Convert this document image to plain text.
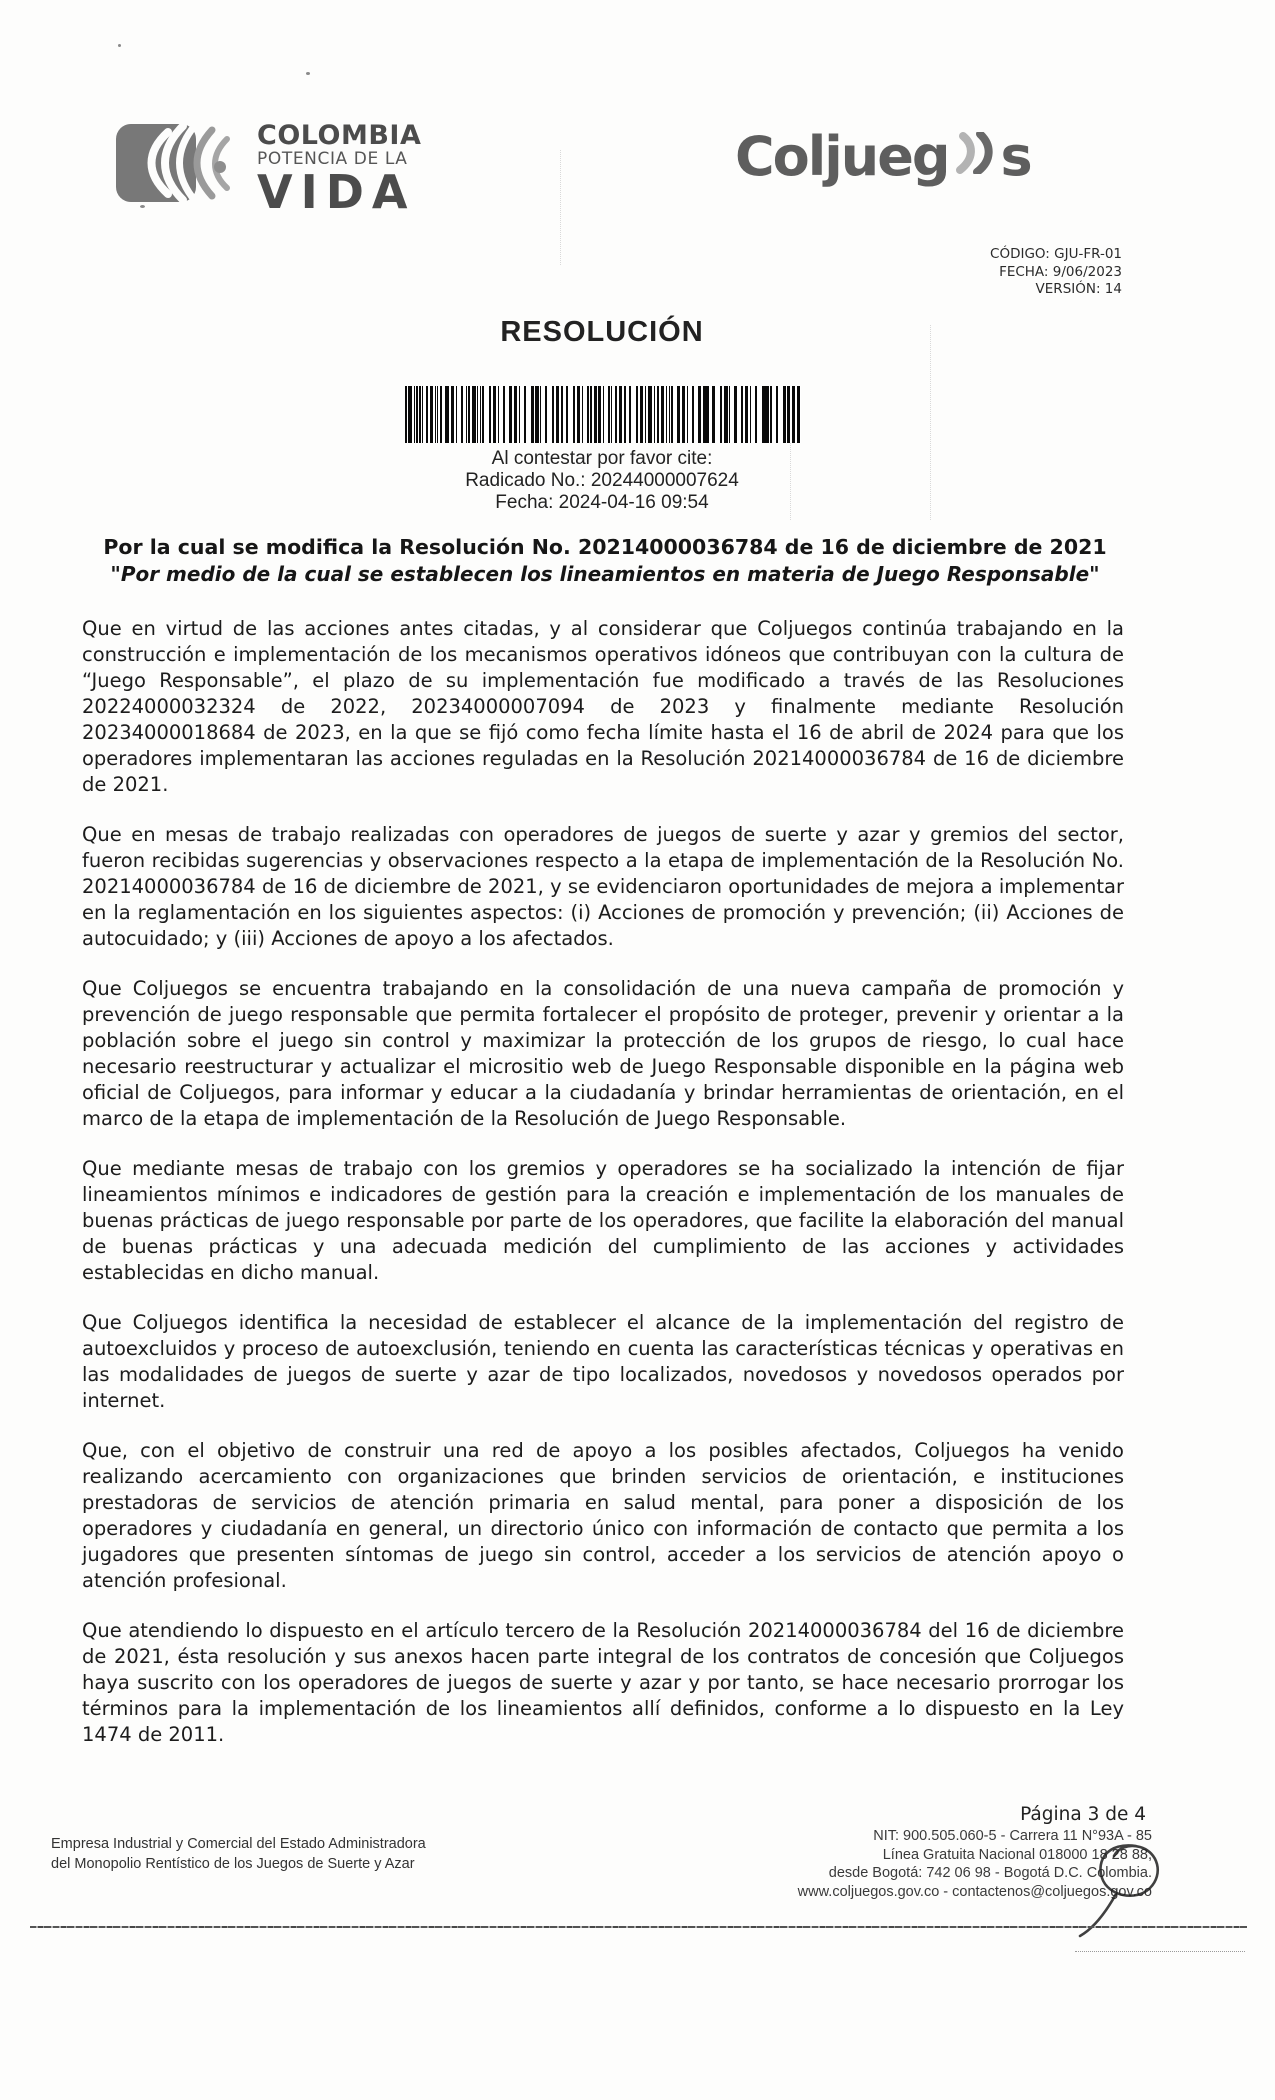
COLOMBIA
POTENCIA DE LA
VIDA
Coljueg s
CÓDIGO: GJU-FR-01
FECHA: 9/06/2023
VERSIÓN: 14
RESOLUCIÓN
Al contestar por favor cite:
Radicado No.: 20244000007624
Fecha: 2024-04-16 09:54
Por la cual se modifica la Resolución No. 20214000036784 de 16 de diciembre de 2021
"Por medio de la cual se establecen los lineamientos en materia de Juego Responsable"

Que en virtud de las acciones antes citadas, y al considerar que Coljuegos continúa trabajando en la construcción e implementación de los mecanismos operativos idóneos que contribuyan con la cultura de “Juego Responsable”, el plazo de su implementación fue modificado a través de las Resoluciones 20224000032324 de 2022, 20234000007094 de 2023 y finalmente mediante Resolución 20234000018684 de 2023, en la que se fijó como fecha límite hasta el 16 de abril de 2024 para que los operadores implementaran las acciones reguladas en la Resolución 20214000036784 de 16 de diciembre de 2021.

Que en mesas de trabajo realizadas con operadores de juegos de suerte y azar y gremios del sector, fueron recibidas sugerencias y observaciones respecto a la etapa de implementación de la Resolución No. 20214000036784 de 16 de diciembre de 2021, y se evidenciaron oportunidades de mejora a implementar en la reglamentación en los siguientes aspectos: (i) Acciones de promoción y prevención; (ii) Acciones de autocuidado; y (iii) Acciones de apoyo a los afectados.

Que Coljuegos se encuentra trabajando en la consolidación de una nueva campaña de promoción y prevención de juego responsable que permita fortalecer el propósito de proteger, prevenir y orientar a la población sobre el juego sin control y maximizar la protección de los grupos de riesgo, lo cual hace necesario reestructurar y actualizar el micrositio web de Juego Responsable disponible en la página web oficial de Coljuegos, para informar y educar a la ciudadanía y brindar herramientas de orientación, en el marco de la etapa de implementación de la Resolución de Juego Responsable.

Que mediante mesas de trabajo con los gremios y operadores se ha socializado la intención de fijar lineamientos mínimos e indicadores de gestión para la creación e implementación de los manuales de buenas prácticas de juego responsable por parte de los operadores, que facilite la elaboración del manual de buenas prácticas y una adecuada medición del cumplimiento de las acciones y actividades establecidas en dicho manual.

Que Coljuegos identifica la necesidad de establecer el alcance de la implementación del registro de autoexcluidos y proceso de autoexclusión, teniendo en cuenta las características técnicas y operativas en las modalidades de juegos de suerte y azar de tipo localizados, novedosos y novedosos operados por internet.

Que, con el objetivo de construir una red de apoyo a los posibles afectados, Coljuegos ha venido realizando acercamiento con organizaciones que brinden servicios de orientación, e instituciones prestadoras de servicios de atención primaria en salud mental, para poner a disposición de los operadores y ciudadanía en general, un directorio único con información de contacto que permita a los jugadores que presenten síntomas de juego sin control, acceder a los servicios de atención apoyo o atención profesional.

Que atendiendo lo dispuesto en el artículo tercero de la Resolución 20214000036784 del 16 de diciembre de 2021, ésta resolución y sus anexos hacen parte integral de los contratos de concesión que Coljuegos haya suscrito con los operadores de juegos de suerte y azar y por tanto, se hace necesario prorrogar los términos para la implementación de los lineamientos allí definidos, conforme a lo dispuesto en la Ley 1474 de 2011.

Página 3 de 4
Empresa Industrial y Comercial del Estado Administradora
del Monopolio Rentístico de los Juegos de Suerte y Azar
NIT: 900.505.060-5 - Carrera 11 N°93A - 85
Línea Gratuita Nacional 018000 18 28 88,
desde Bogotá: 742 06 98 - Bogotá D.C. Colombia.
www.coljuegos.gov.co - contactenos@coljuegos.gov.co
